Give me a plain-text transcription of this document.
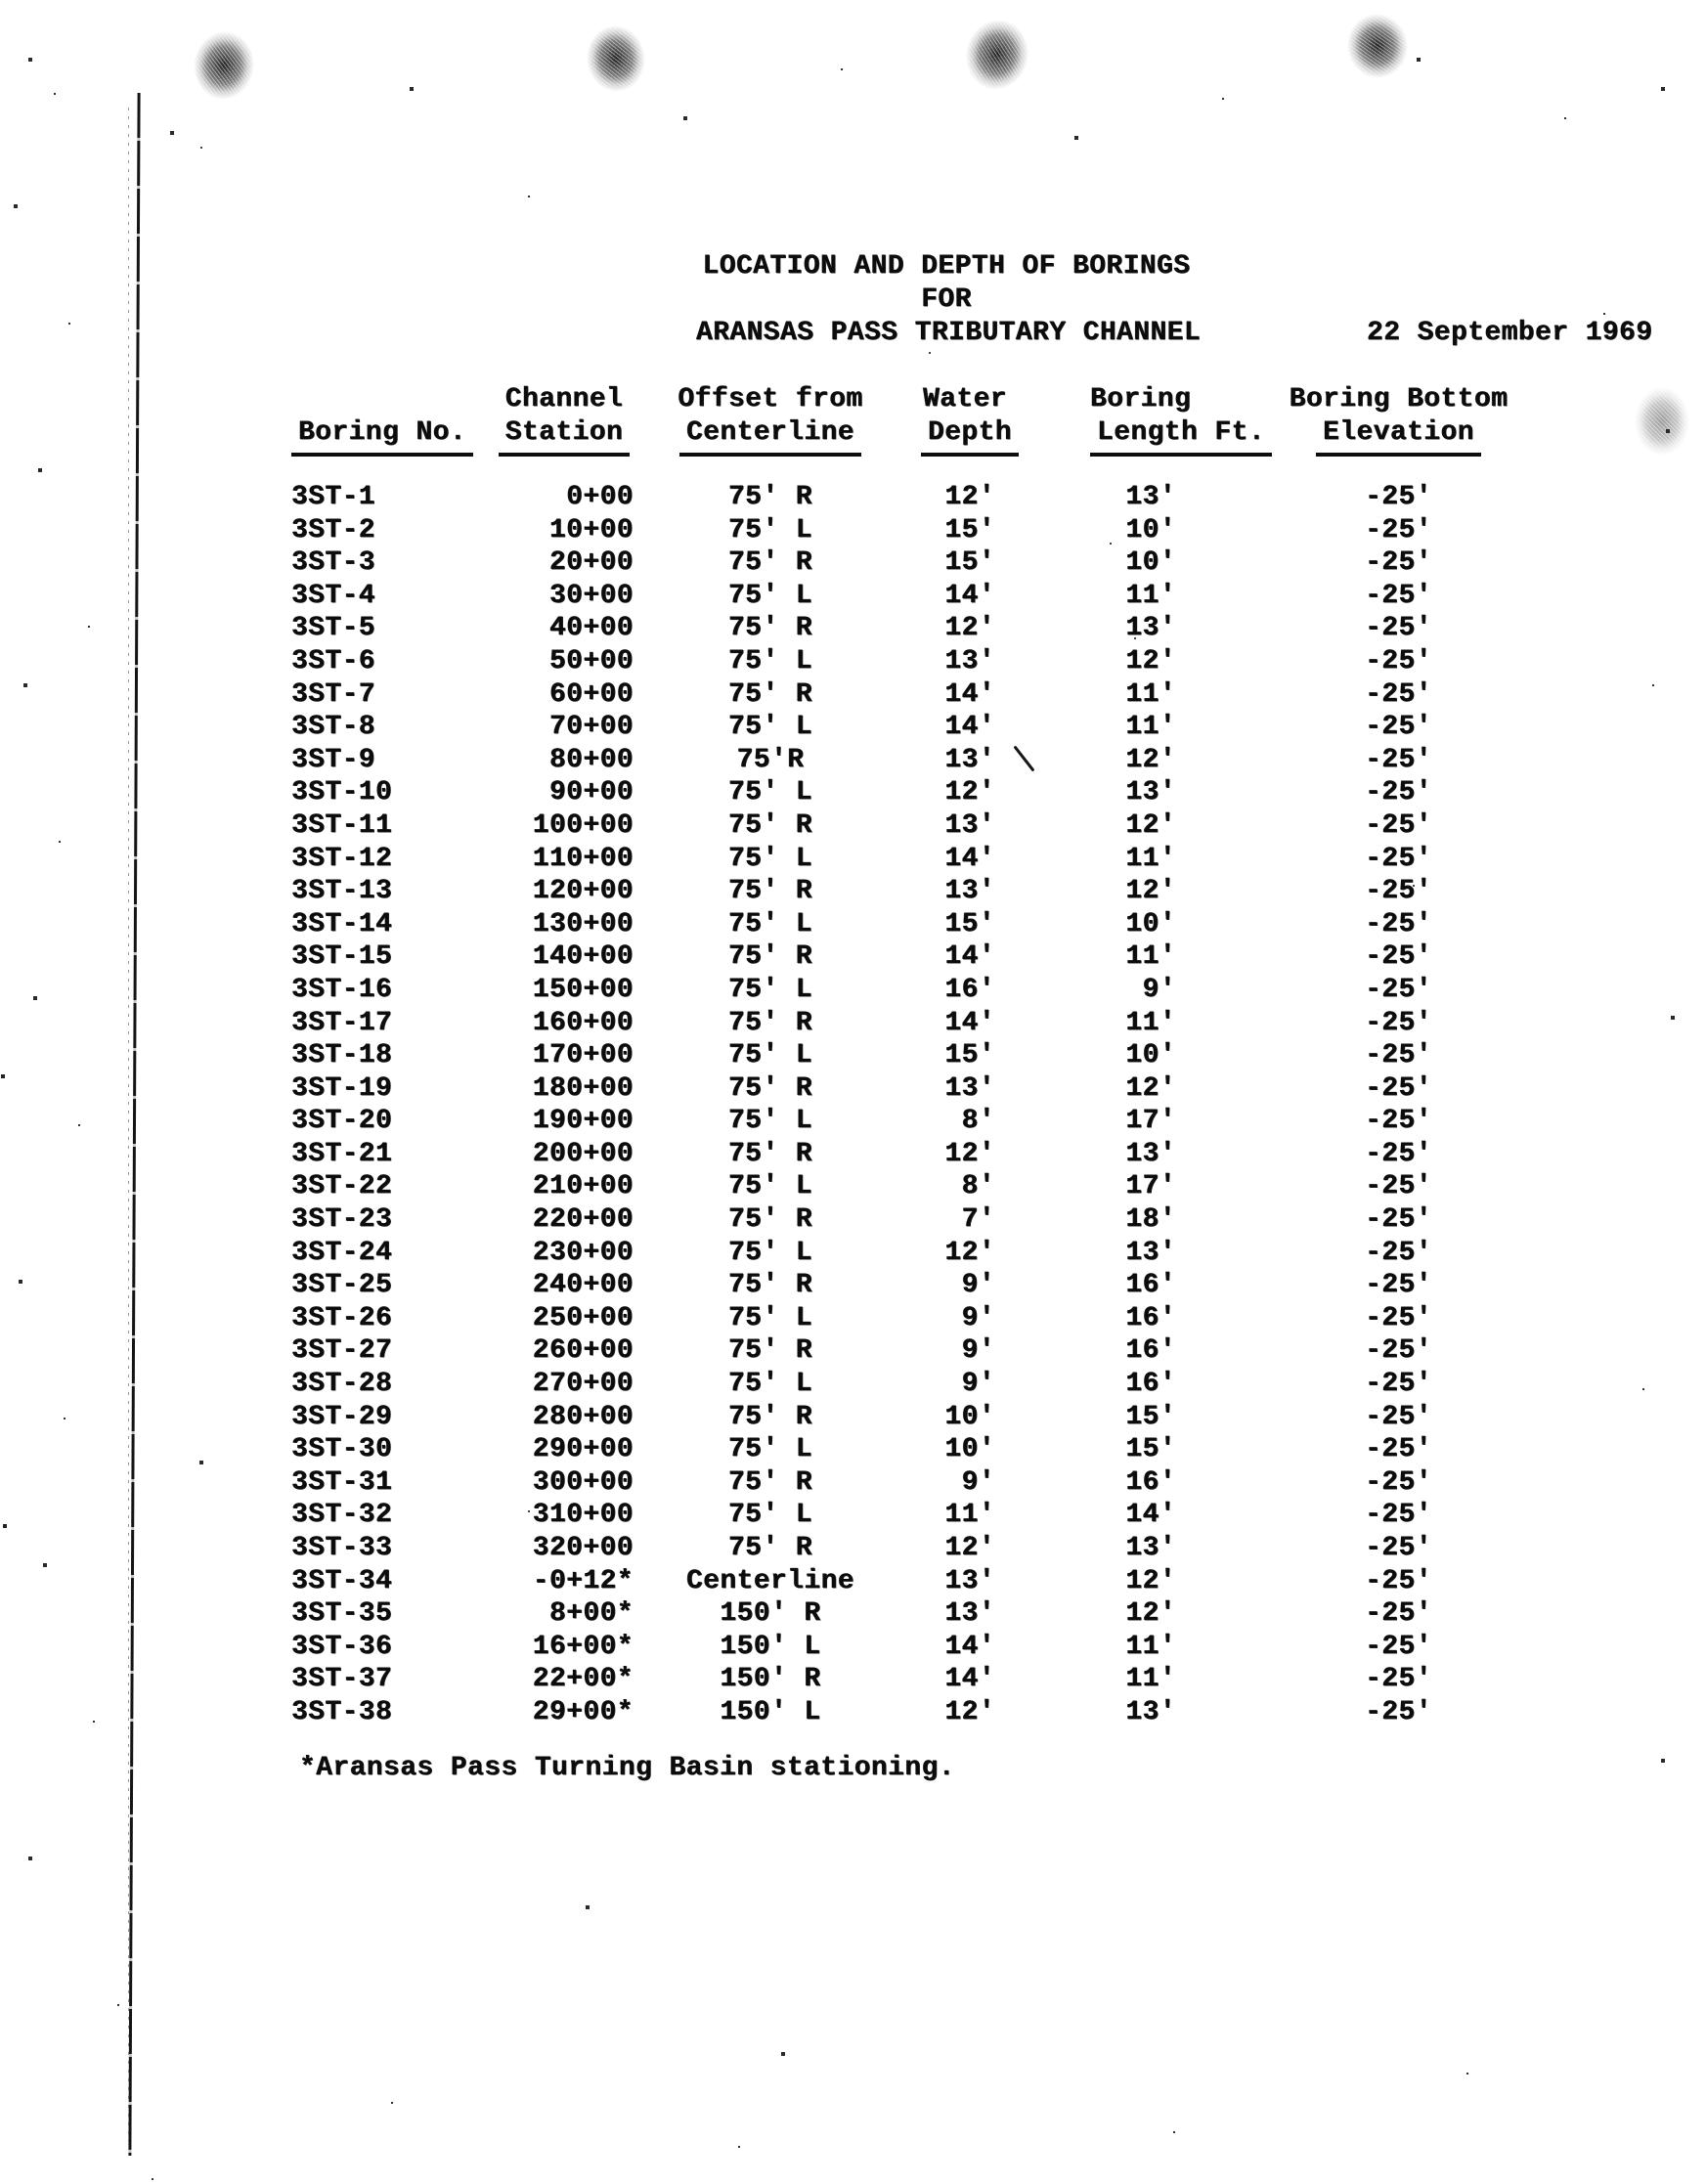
LOCATION AND DEPTH OF BORINGS
FOR
ARANSAS PASS TRIBUTARY CHANNEL	22 September 1969
Channel	Offset from	Water	Boring	Boring Bottom
Boring No.	Station	Centerline	Depth	Length Ft.	Elevation
3ST-1	0+00	75' R	12'	13'	-25'
3ST-2	10+00	75' L	15'	10'	-25'
3ST-3	20+00	75' R	15'	10'	-25'
3ST-4	30+00	75' L	14'	11'	-25'
3ST-5	40+00	75' R	12'	13'	-25'
3ST-6	50+00	75' L	13'	12'	-25'
3ST-7	60+00	75' R	14'	11'	-25'
3ST-8	70+00	75' L	14'	11'	-25'
3ST-9	80+00	75'R	13'	12'	-25'
3ST-10	90+00	75' L	12'	13'	-25'
3ST-11	100+00	75' R	13'	12'	-25'
3ST-12	110+00	75' L	14'	11'	-25'
3ST-13	120+00	75' R	13'	12'	-25'
3ST-14	130+00	75' L	15'	10'	-25'
3ST-15	140+00	75' R	14'	11'	-25'
3ST-16	150+00	75' L	16'	9'	-25'
3ST-17	160+00	75' R	14'	11'	-25'
3ST-18	170+00	75' L	15'	10'	-25'
3ST-19	180+00	75' R	13'	12'	-25'
3ST-20	190+00	75' L	8'	17'	-25'
3ST-21	200+00	75' R	12'	13'	-25'
3ST-22	210+00	75' L	8'	17'	-25'
3ST-23	220+00	75' R	7'	18'	-25'
3ST-24	230+00	75' L	12'	13'	-25'
3ST-25	240+00	75' R	9'	16'	-25'
3ST-26	250+00	75' L	9'	16'	-25'
3ST-27	260+00	75' R	9'	16'	-25'
3ST-28	270+00	75' L	9'	16'	-25'
3ST-29	280+00	75' R	10'	15'	-25'
3ST-30	290+00	75' L	10'	15'	-25'
3ST-31	300+00	75' R	9'	16'	-25'
3ST-32	310+00	75' L	11'	14'	-25'
3ST-33	320+00	75' R	12'	13'	-25'
3ST-34	-0+12*	Centerline	13'	12'	-25'
3ST-35	8+00*	150' R	13'	12'	-25'
3ST-36	16+00*	150' L	14'	11'	-25'
3ST-37	22+00*	150' R	14'	11'	-25'
3ST-38	29+00*	150' L	12'	13'	-25'
*Aransas Pass Turning Basin stationing.
